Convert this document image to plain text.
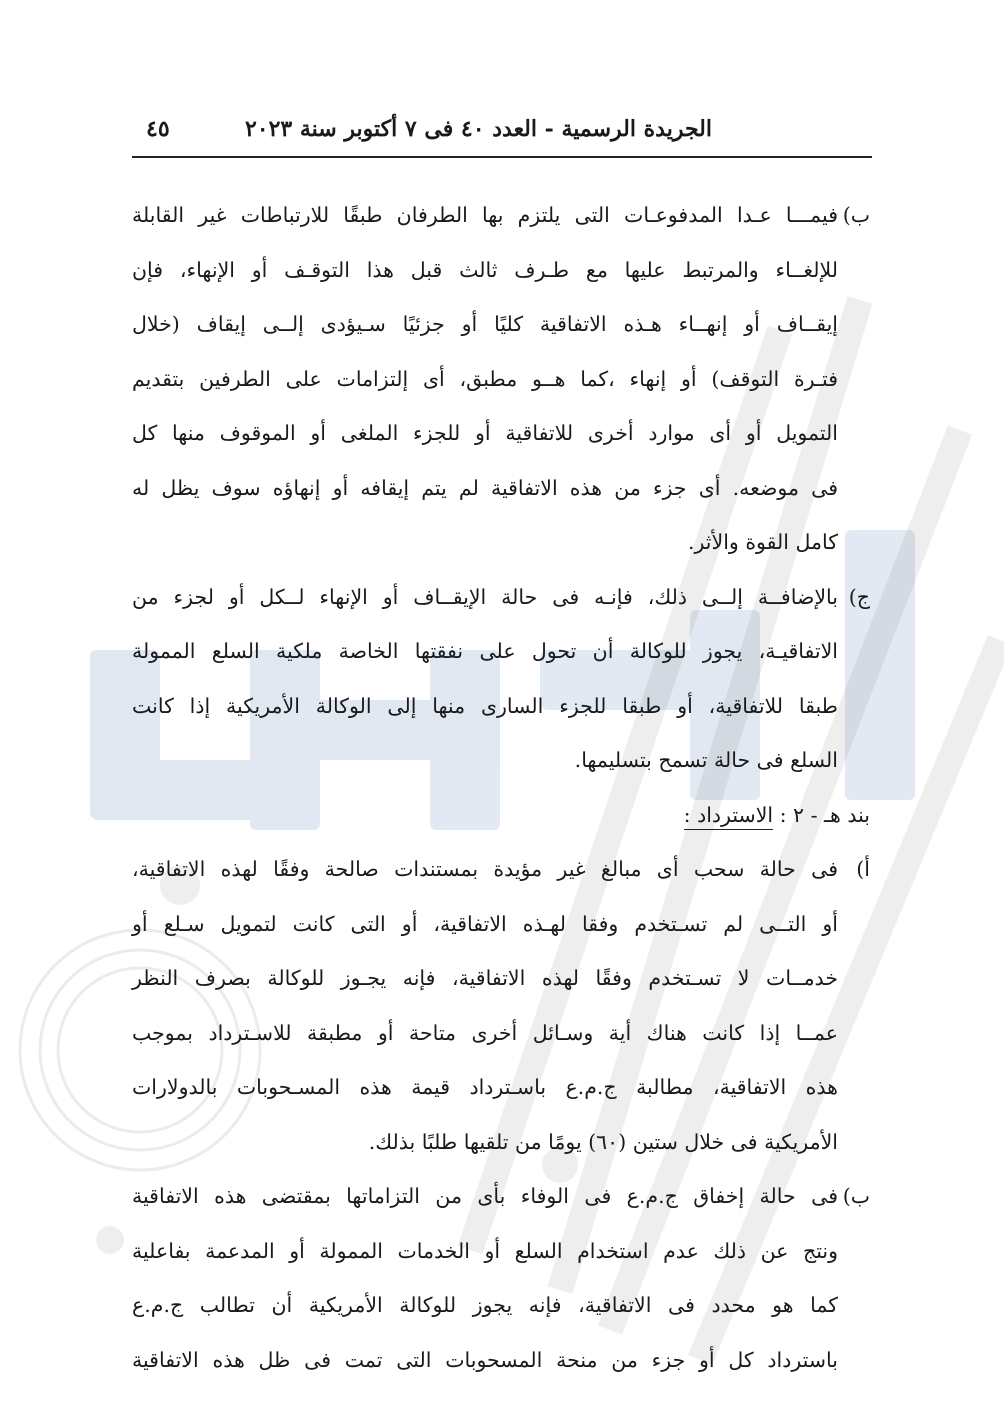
الجريدة الرسمية - العدد ٤٠ فى ٧ أكتوبر سنة ٢٠٢٣
٤٥
ب)
فيمـــا عـدا المدفوعـات التى يلتزم بها الطرفان طبقًا للارتباطات غير القابلة
للإلغــاء والمرتبط عليها مع طـرف ثالث قبل هذا التوقـف أو الإنهاء، فإن
إيقــاف أو إنهــاء هـذه الاتفاقية كليًا أو جزئيًا سـيؤدى إلــى إيقاف (خلال
فتـرة التوقف) أو إنهاء ،كما هــو مطبق، أى إلتزامات على الطرفين بتقديم
التمويل أو أى موارد أخرى للاتفاقية أو للجزء الملغى أو الموقوف منها كل
فى موضعه. أى جزء من هذه الاتفاقية لم يتم إيقافه أو إنهاؤه سوف يظل له
كامل القوة والأثر.
ج)
بالإضافــة إلــى ذلك، فإنـه فى حالة الإيقــاف أو الإنهاء لــكل أو لجزء من
الاتفاقيـة، يجوز للوكالة أن تحول على نفقتها الخاصة ملكية السلع الممولة
طبقا للاتفاقية، أو طبقا للجزء السارى منها إلى الوكالة الأمريكية إذا كانت
السلع فى حالة تسمح بتسليمها.
بند هـ - ٢ : الاسترداد :
أ)
فى حالة سحب أى مبالغ غير مؤيدة بمستندات صالحة وفقًا لهذه الاتفاقية،
أو التــى لم تسـتخدم وفقا لهـذه الاتفاقية، أو التى كانت لتمويل سـلع أو
خدمــات لا تسـتخدم وفقًا لهذه الاتفاقية، فإنه يجـوز للوكالة بصرف النظر
عمــا إذا كانت هناك أية وسـائل أخرى متاحة أو مطبقة للاسـترداد بموجب
هذه الاتفاقية، مطالبة ج.م.ع باسـترداد قيمة هذه المسـحوبات بالدولارات
الأمريكية فى خلال ستين (٦٠) يومًا من تلقيها طلبًا بذلك.
ب)
فى حالة إخفاق ج.م.ع فى الوفاء بأى من التزاماتها بمقتضى هذه الاتفاقية
ونتج عن ذلك عدم استخدام السلع أو الخدمات الممولة أو المدعمة بفاعلية
كما هو محدد فى الاتفاقية، فإنه يجوز للوكالة الأمريكية أن تطالب ج.م.ع
باسترداد كل أو جزء من منحة المسحوبات التى تمت فى ظل هذه الاتفاقية
